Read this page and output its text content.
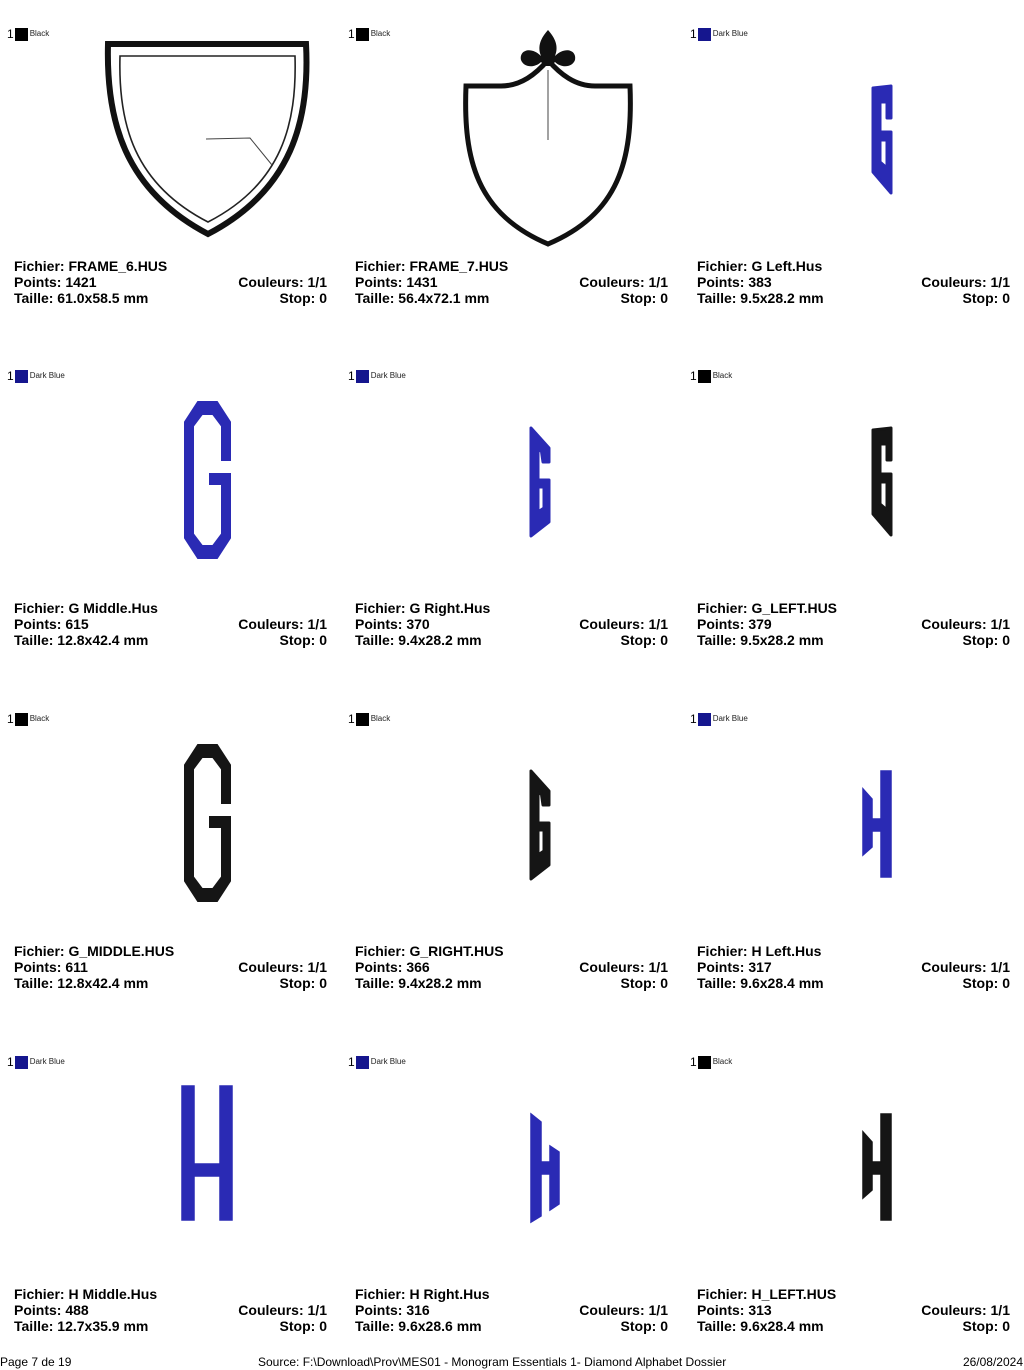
1 Black
Fichier: FRAME_6.HUS
Points: 1421	Couleurs: 1/1
Taille: 61.0x58.5 mm	Stop: 0
1 Black
Fichier: FRAME_7.HUS
Points: 1431	Couleurs: 1/1
Taille: 56.4x72.1 mm	Stop: 0
1 Dark Blue
Fichier: G Left.Hus
Points: 383	Couleurs: 1/1
Taille: 9.5x28.2 mm	Stop: 0
1 Dark Blue
Fichier: G Middle.Hus
Points: 615	Couleurs: 1/1
Taille: 12.8x42.4 mm	Stop: 0
1 Dark Blue
Fichier: G Right.Hus
Points: 370	Couleurs: 1/1
Taille: 9.4x28.2 mm	Stop: 0
1 Black
Fichier: G_LEFT.HUS
Points: 379	Couleurs: 1/1
Taille: 9.5x28.2 mm	Stop: 0
1 Black
Fichier: G_MIDDLE.HUS
Points: 611	Couleurs: 1/1
Taille: 12.8x42.4 mm	Stop: 0
1 Black
Fichier: G_RIGHT.HUS
Points: 366	Couleurs: 1/1
Taille: 9.4x28.2 mm	Stop: 0
1 Dark Blue
Fichier: H Left.Hus
Points: 317	Couleurs: 1/1
Taille: 9.6x28.4 mm	Stop: 0
1 Dark Blue
Fichier: H Middle.Hus
Points: 488	Couleurs: 1/1
Taille: 12.7x35.9 mm	Stop: 0
1 Dark Blue
Fichier: H Right.Hus
Points: 316	Couleurs: 1/1
Taille: 9.6x28.6 mm	Stop: 0
1 Black
Fichier: H_LEFT.HUS
Points: 313	Couleurs: 1/1
Taille: 9.6x28.4 mm	Stop: 0
Page 7 de 19	Source: F:\Download\Prov\MES01 - Monogram Essentials 1- Diamond Alphabet Dossier	26/08/2024
